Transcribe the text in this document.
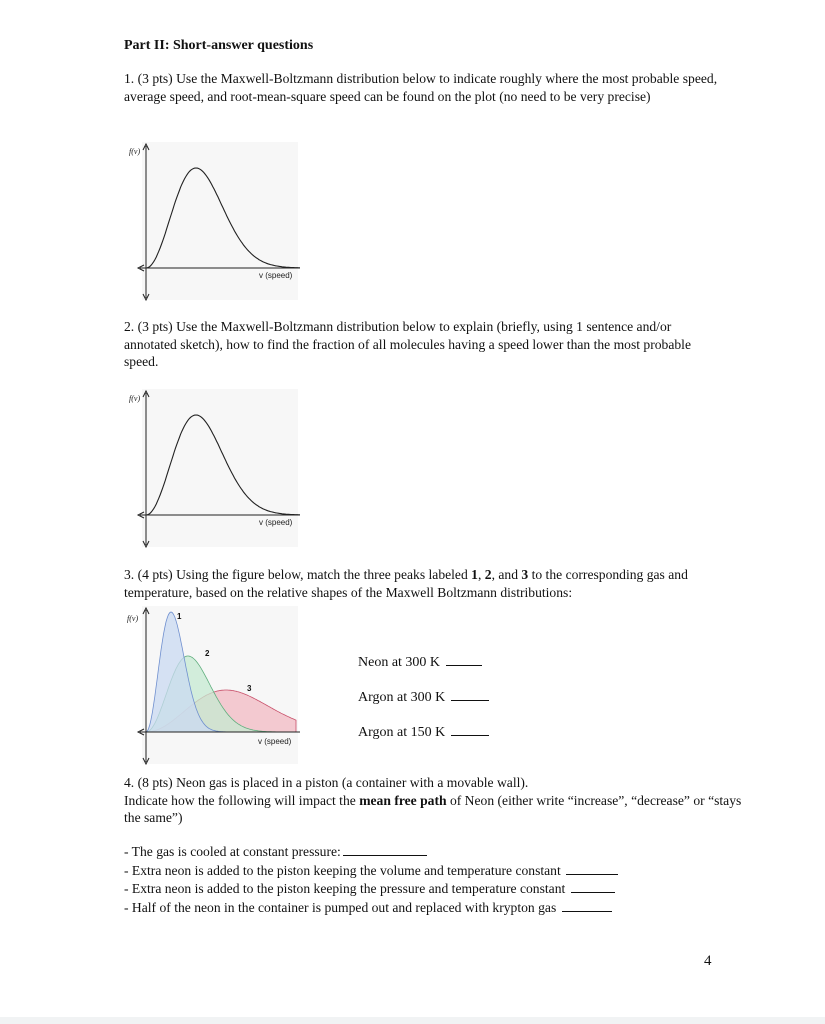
Part II: Short-answer questions
1. (3 pts) Use the Maxwell-Boltzmann distribution below to indicate roughly where the most probable speed, average speed, and root-mean-square speed can be found on the plot (no need to be very precise)
f(v)
v (speed)
2. (3 pts) Use the Maxwell-Boltzmann distribution below to explain (briefly, using 1 sentence and/or annotated sketch), how to find the fraction of all molecules having a speed lower than the most probable speed.
f(v)
v (speed)
3. (4 pts) Using the figure below, match the three peaks labeled 1, 2, and 3 to the corresponding gas and temperature, based on the relative shapes of the Maxwell Boltzmann distributions:
f(v)
v (speed)
1
2
3
Neon at 300 K
Argon at 300 K
Argon at 150 K
4. (8 pts) Neon gas is placed in a piston (a container with a movable wall).
Indicate how the following will impact the mean free path of Neon (either write “increase”, “decrease” or “stays the same”)
- The gas is cooled at constant pressure:
- Extra neon is added to the piston keeping the volume and temperature constant
- Extra neon is added to the piston keeping the pressure and temperature constant
- Half of the neon in the container is pumped out and replaced with krypton gas
4
